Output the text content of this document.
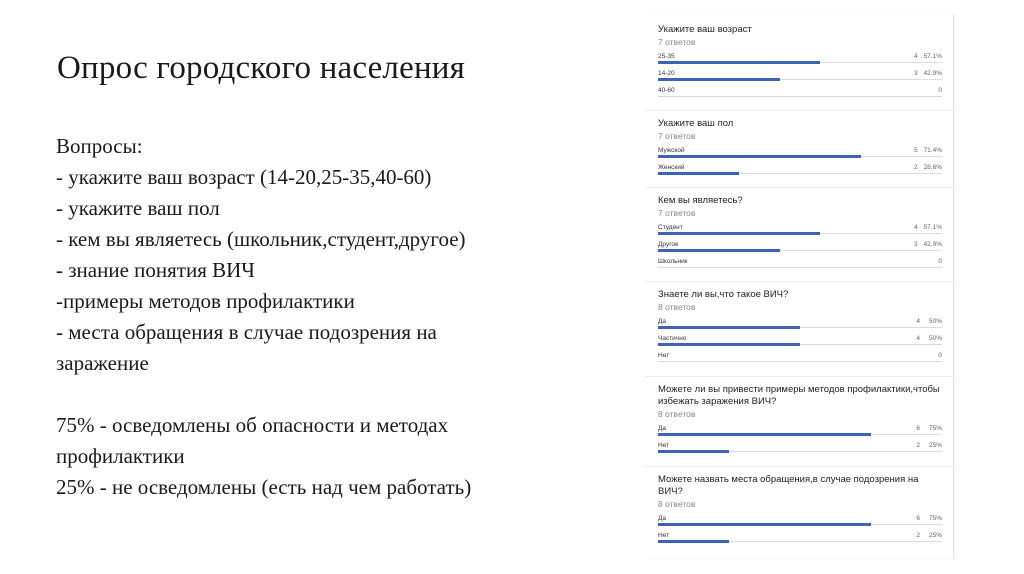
Опрос городского населения
Вопросы:
- укажите ваш возраст (14-20,25-35,40-60)
- укажите ваш пол
- кем вы являетесь (школьник,студент,другое)
- знание понятия ВИЧ
-примеры методов профилактики
- места обращения в случае подозрения на
заражение
75% - осведомлены об опасности и методах
профилактики
25% - не осведомлены (есть над чем работать)
Укажите ваш возраст
7 ответов
25-35	4 57.1%
14-20	3 42.9%
40-60	0
Укажите ваш пол
7 ответов
Мужской	5 71.4%
Женский	2 28.6%
Кем вы являетесь?
7 ответов
Студент	4 57.1%
Другое	3 42.9%
Школьник	0
Знаете ли вы,что такое ВИЧ?
8 ответов
Да	4 50%
Частично	4 50%
Нет	0
Можете ли вы привести примеры методов профилактики,чтобы избежать заражения ВИЧ?
8 ответов
Да	6 75%
Нет	2 25%
Можете назвать места обращения,в случае подозрения на ВИЧ?
8 ответов
Да	6 75%
Нет	2 25%
